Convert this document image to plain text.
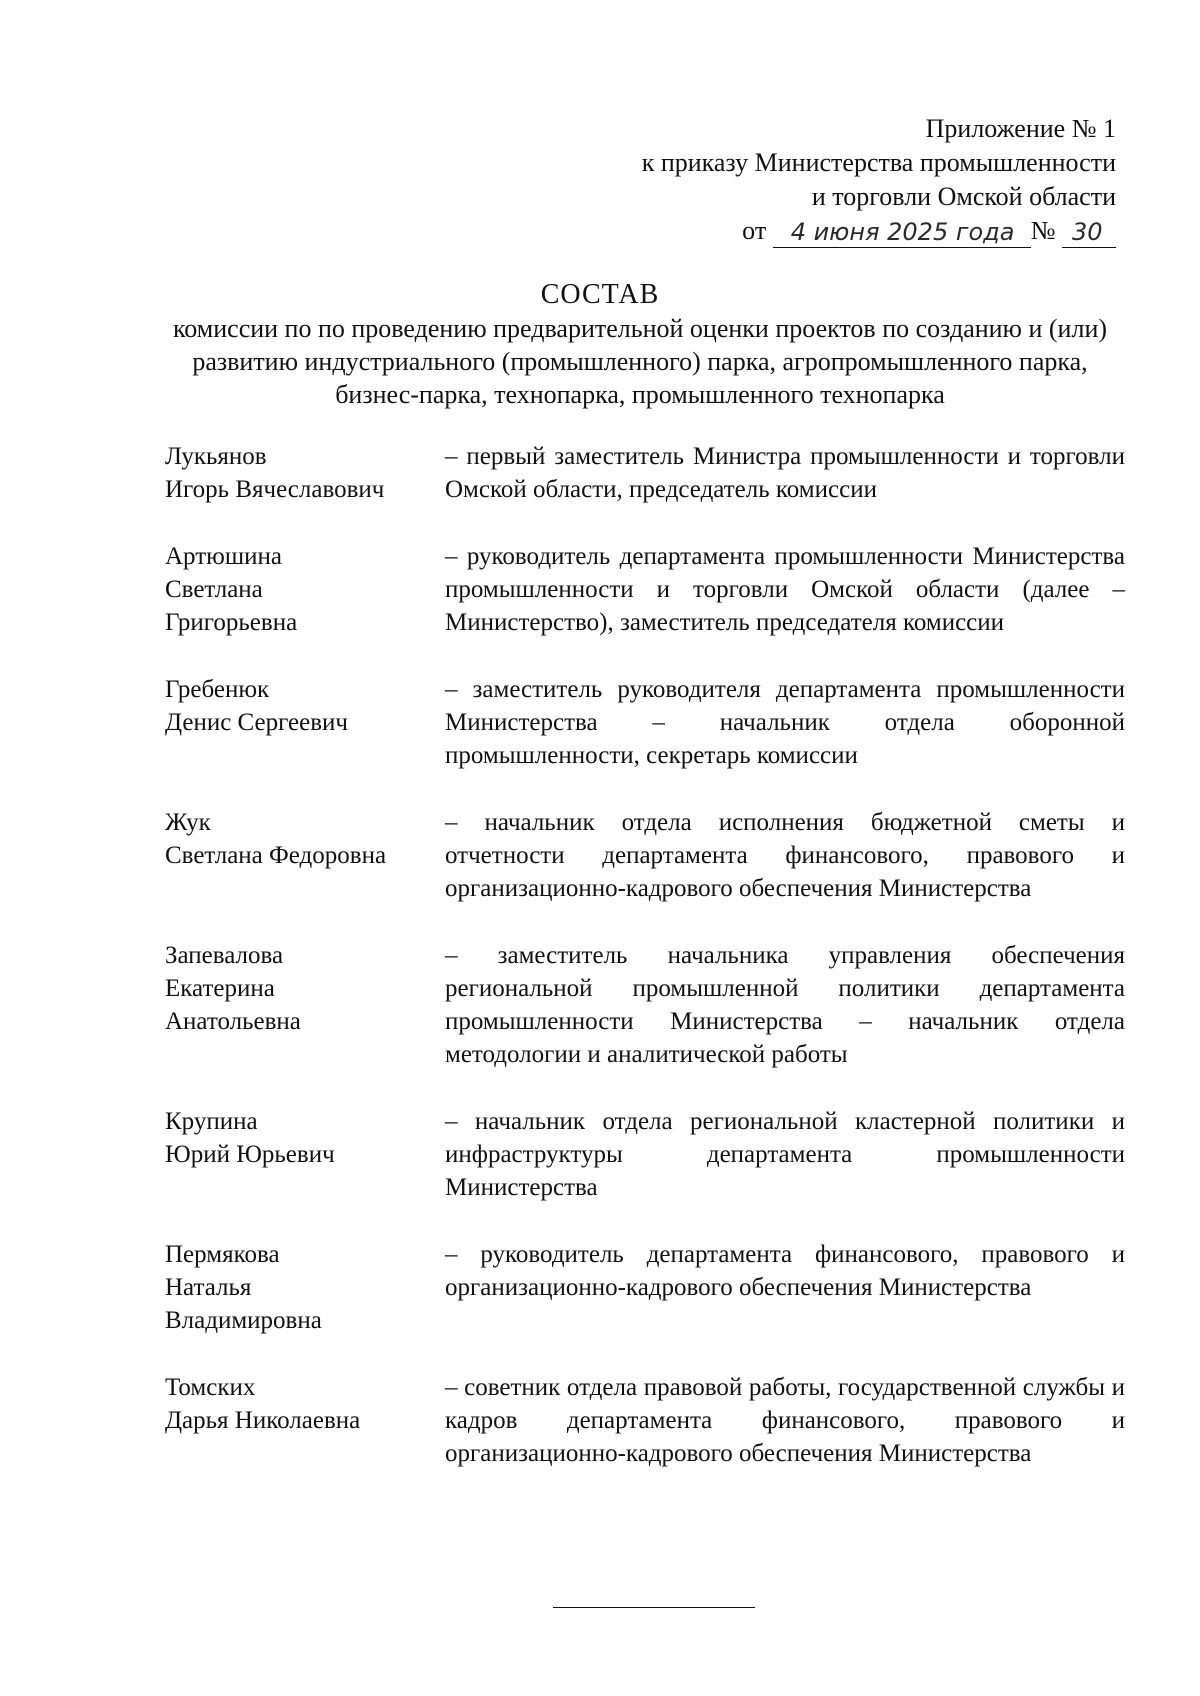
Приложение № 1
к приказу Министерства промышленности
и торговли Омской области
от 4 июня 2025 года № 30
СОСТАВ
комиссии по по проведению предварительной оценки проектов по созданию и (или) развитию индустриального (промышленного) парка, агропромышленного парка, бизнес-парка, технопарка, промышленного технопарка
Лукьянов
Игорь Вячеславович
– первый заместитель Министра промышленности и торговли Омской области, председатель комиссии
Артюшина
Светлана
Григорьевна
– руководитель департамента промышленности Министерства промышленности и торговли Омской области (далее – Министерство), заместитель председателя комиссии
Гребенюк
Денис Сергеевич
– заместитель руководителя департамента промышленности Министерства – начальник отдела оборонной промышленности, секретарь комиссии
Жук
Светлана Федоровна
– начальник отдела исполнения бюджетной сметы и отчетности департамента финансового, правового и организационно-кадрового обеспечения Министерства
Запевалова
Екатерина
Анатольевна
– заместитель начальника управления обеспечения региональной промышленной политики департамента промышленности Министерства – начальник отдела методологии и аналитической работы
Крупина
Юрий Юрьевич
– начальник отдела региональной кластерной политики и инфраструктуры департамента промышленности Министерства
Пермякова
Наталья
Владимировна
– руководитель департамента финансового, правового и организационно-кадрового обеспечения Министерства
Томских
Дарья Николаевна
– советник отдела правовой работы, государственной службы и кадров департамента финансового, правового и организационно-кадрового обеспечения Министерства
